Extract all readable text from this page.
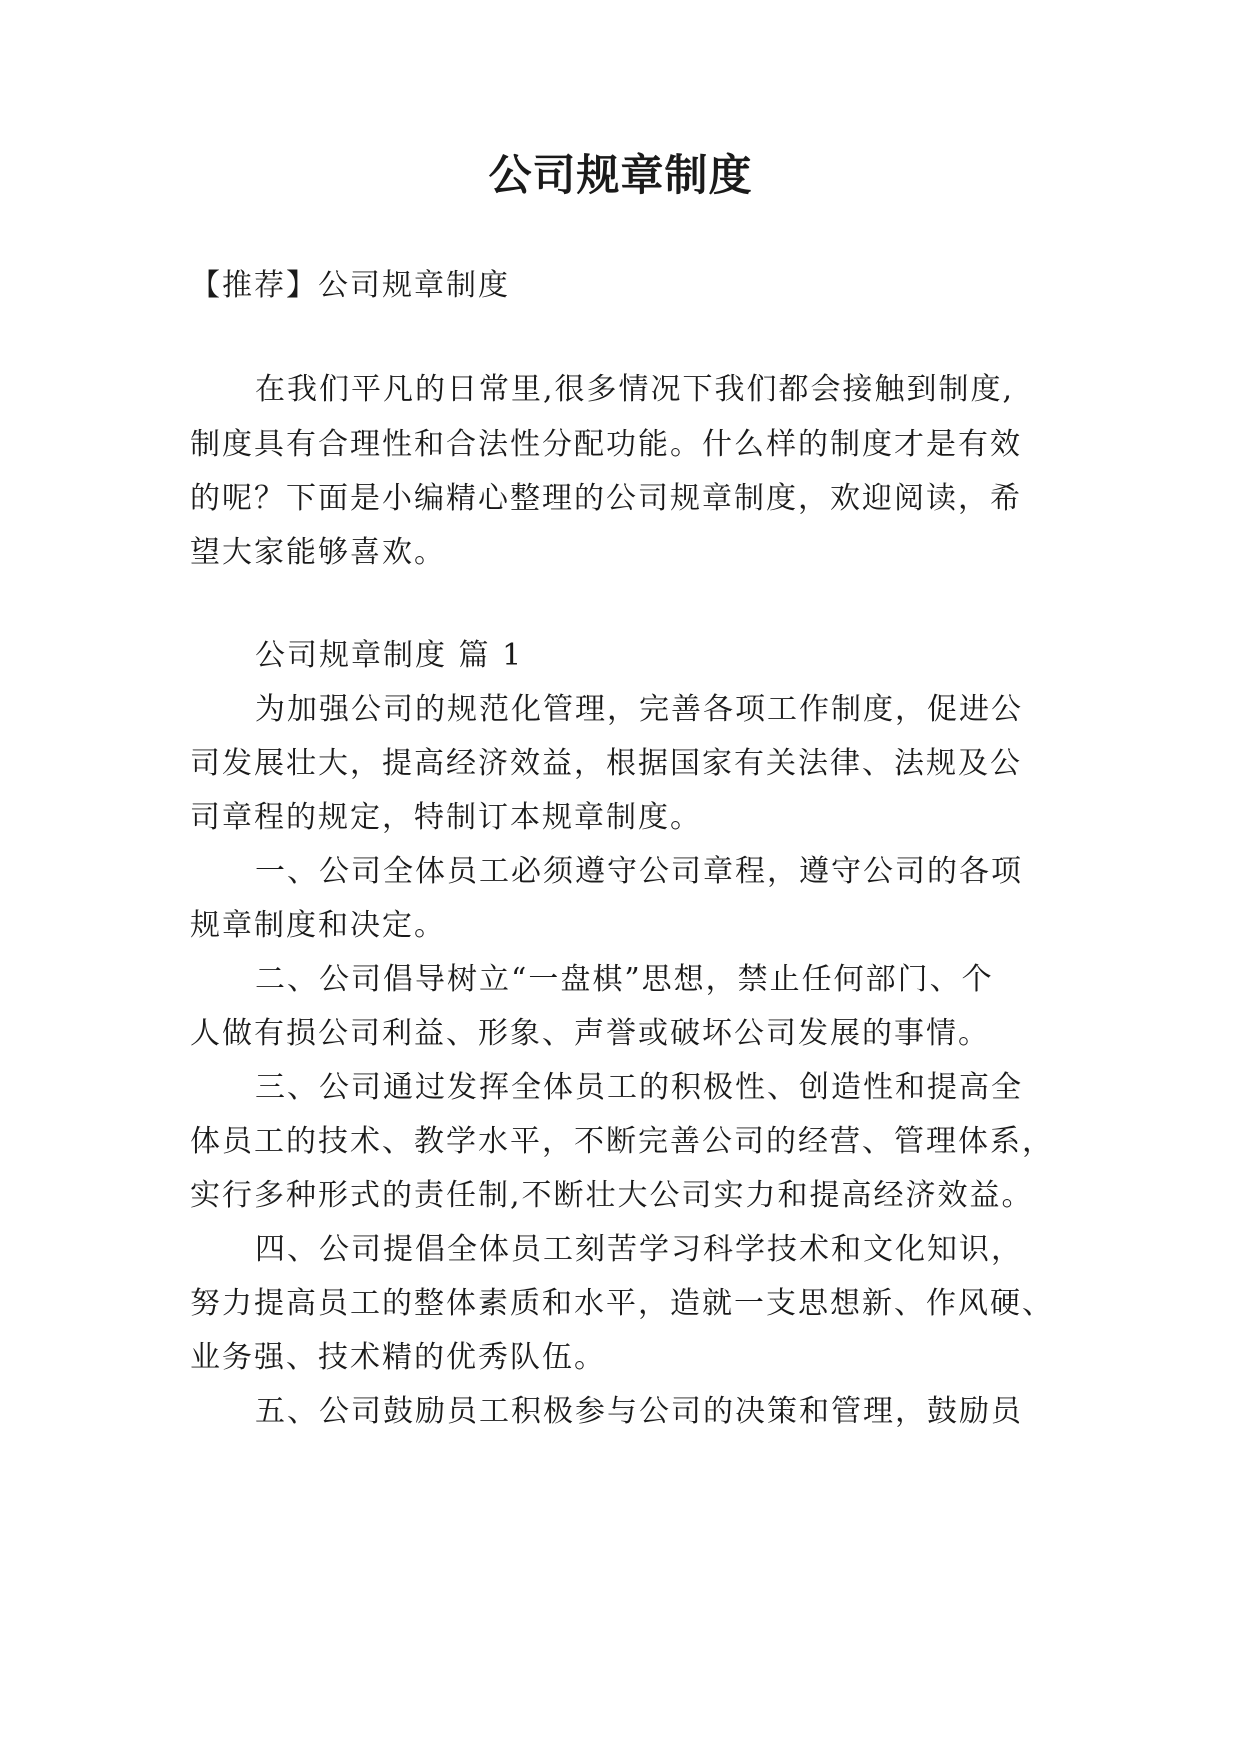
公司规章制度
【推荐】公司规章制度
在我们平凡的日常里,很多情况下我们都会接触到制度,
制度具有合理性和合法性分配功能。什么样的制度才是有效
的呢？下面是小编精心整理的公司规章制度，欢迎阅读，希
望大家能够喜欢。
公司规章制度 篇 1
为加强公司的规范化管理，完善各项工作制度，促进公
司发展壮大，提高经济效益，根据国家有关法律、法规及公
司章程的规定，特制订本规章制度。
一、公司全体员工必须遵守公司章程，遵守公司的各项
规章制度和决定。
二、公司倡导树立“一盘棋”思想，禁止任何部门、个
人做有损公司利益、形象、声誉或破坏公司发展的事情。
三、公司通过发挥全体员工的积极性、创造性和提高全
体员工的技术、教学水平，不断完善公司的经营、管理体系，
实行多种形式的责任制,不断壮大公司实力和提高经济效益。
四、公司提倡全体员工刻苦学习科学技术和文化知识，
努力提高员工的整体素质和水平，造就一支思想新、作风硬、
业务强、技术精的优秀队伍。
五、公司鼓励员工积极参与公司的决策和管理，鼓励员
